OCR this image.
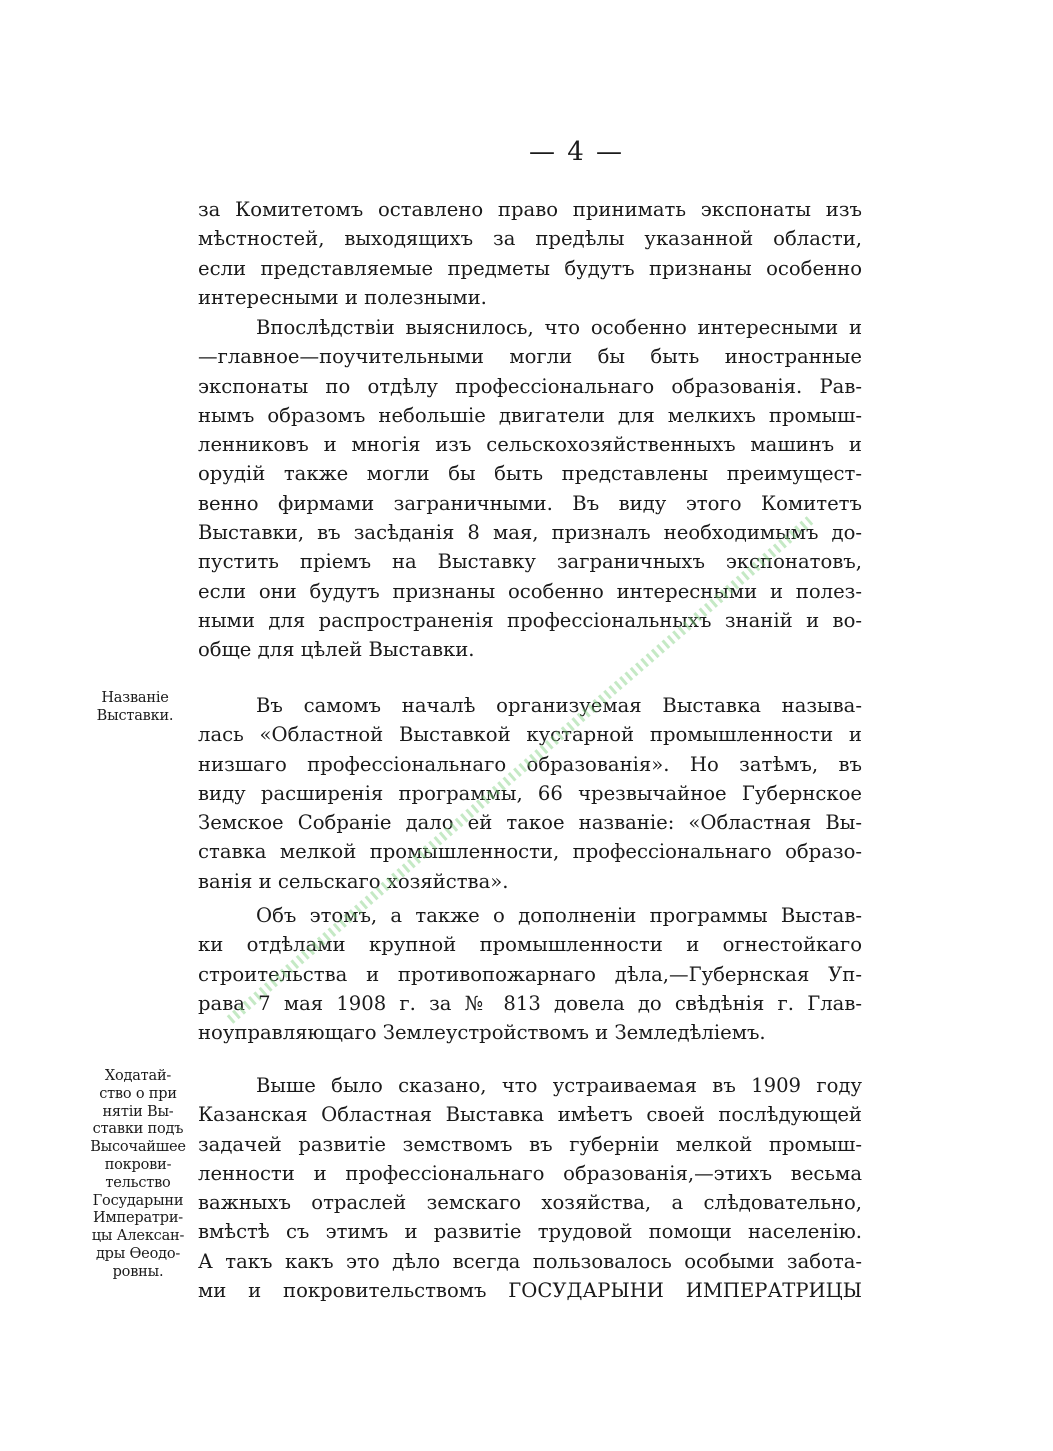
— 4 —
за Комитетомъ оставлено право принимать экспонаты изъ
мѣстностей, выходящихъ за предѣлы указанной области,
если представляемые предметы будутъ признаны особенно
интересными и полезными.
Впослѣдствіи выяснилось, что особенно интересными и
—главное—поучительными могли бы быть иностранные
экспонаты по отдѣлу профессіональнаго образованія. Рав-
нымъ образомъ небольшіе двигатели для мелкихъ промыш-
ленниковъ и многія изъ сельскохозяйственныхъ машинъ и
орудій также могли бы быть представлены преимущест-
венно фирмами заграничными. Въ виду этого Комитетъ
Выставки, въ засѣданія 8 мая, призналъ необходимымъ до-
пустить пріемъ на Выставку заграничныхъ экспонатовъ,
если они будутъ признаны особенно интересными и полез-
ными для распространенія профессіональныхъ знаній и во-
обще для цѣлей Выставки.
Названіе
Выставки.	Въ самомъ началѣ организуемая Выставка называ-
лась «Областной Выставкой кустарной промышленности и
низшаго профессіональнаго образованія». Но затѣмъ, въ
виду расширенія программы, 66 чрезвычайное Губернское
Земское Собраніе дало ей такое названіе: «Областная Вы-
ставка мелкой промышленности, профессіональнаго образо-
ванія и сельскаго хозяйства».
Объ этомъ, а также о дополненіи программы Выстав-
ки отдѣлами крупной промышленности и огнестойкаго
строительства и противопожарнаго дѣла,—Губернская Уп-
рава 7 мая 1908 г. за № 813 довела до свѣдѣнія г. Глав-
ноуправляющаго Землеустройствомъ и Земледѣліемъ.
Ходатай-
ство о при
нятіи Вы-
ставки подъ
Высочайшее
покрови-
тельство
Государыни
Императри-
цы Алексан-
дры Өеодо-
ровны.
Выше было сказано, что устраиваемая въ 1909 году
Казанская Областная Выставка имѣетъ своей послѣдующей
задачей развитіе земствомъ въ губерніи мелкой промыш-
ленности и профессіональнаго образованія,—этихъ весьма
важныхъ отраслей земскаго хозяйства, а слѣдовательно,
вмѣстѣ съ этимъ и развитіе трудовой помощи населенію.
А такъ какъ это дѣло всегда пользовалось особыми забота-
ми и покровительствомъ ГОСУДАРЫНИ ИМПЕРАТРИЦЫ
